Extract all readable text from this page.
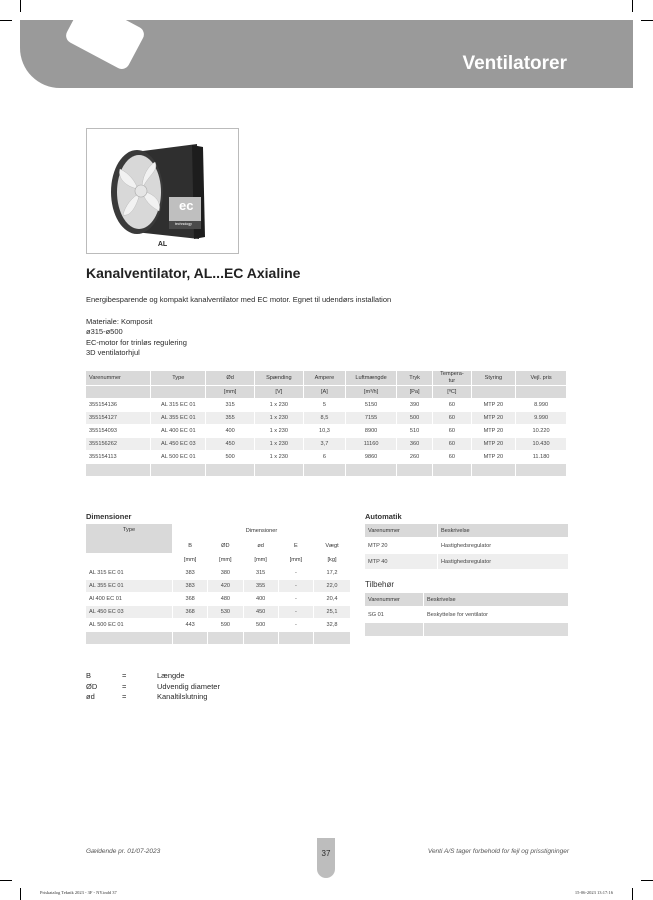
Ventilatorer
ec
technology
AL
Kanalventilator, AL...EC Axialine

Energibesparende og kompakt kanalventilator med EC motor. Egnet til udendørs installation

Materiale: Komposit
ø315-ø500
EC-motor for trinløs regulering
3D ventilatorhjul
Varenummer	Type	Ød	Spænding	Ampere	Luftmængde	Tryk	Tempera-
tur	Styring	Vejl. pris
		[mm]	[V]	[A]	[m³/h]	[Pa]	[ºC]		
355154136	AL 315 EC 01	315	1 x 230	5	5150	390	60	MTP 20	8.990
355154127	AL 355 EC 01	355	1 x 230	8,5	7155	500	60	MTP 20	9.990
355154093	AL 400 EC 01	400	1 x 230	10,3	8900	510	60	MTP 20	10.220
355156262	AL 450 EC 03	450	1 x 230	3,7	11160	360	60	MTP 20	10.430
355154113	AL 500 EC 01	500	1 x 230	6	9860	260	60	MTP 20	11.180

Dimensioner
Type	Dimensioner				
	B	ØD	ød	E	Vægt
	[mm]	[mm]	[mm]	[mm]	[kg]
AL 315 EC 01	383	380	315	-	17,2
AL 355 EC 01	383	420	355	-	22,0
Al 400 EC 01	368	480	400	-	20,4
AL 450 EC 03	368	530	450	-	25,1
AL 500 EC 01	443	590	500	-	32,8

Automatik
Varenummer	Beskrivelse
MTP 20	Hastighedsregulator
MTP 40	Hastighedsregulator
Tilbehør
Varenummer	Beskrivelse
SG 01	Beskyttelse for ventilator

B	=	Længde
ØD	=	Udvendig diameter
ød	=	Kanaltilslutning
Gældende pr. 01/07-2023	37	Venti A/S tager forbehold for fejl og prisstigninger
Priskatalog Teknik 2023 - 3F - NY.indd 37	15-06-2023 13:17:16
